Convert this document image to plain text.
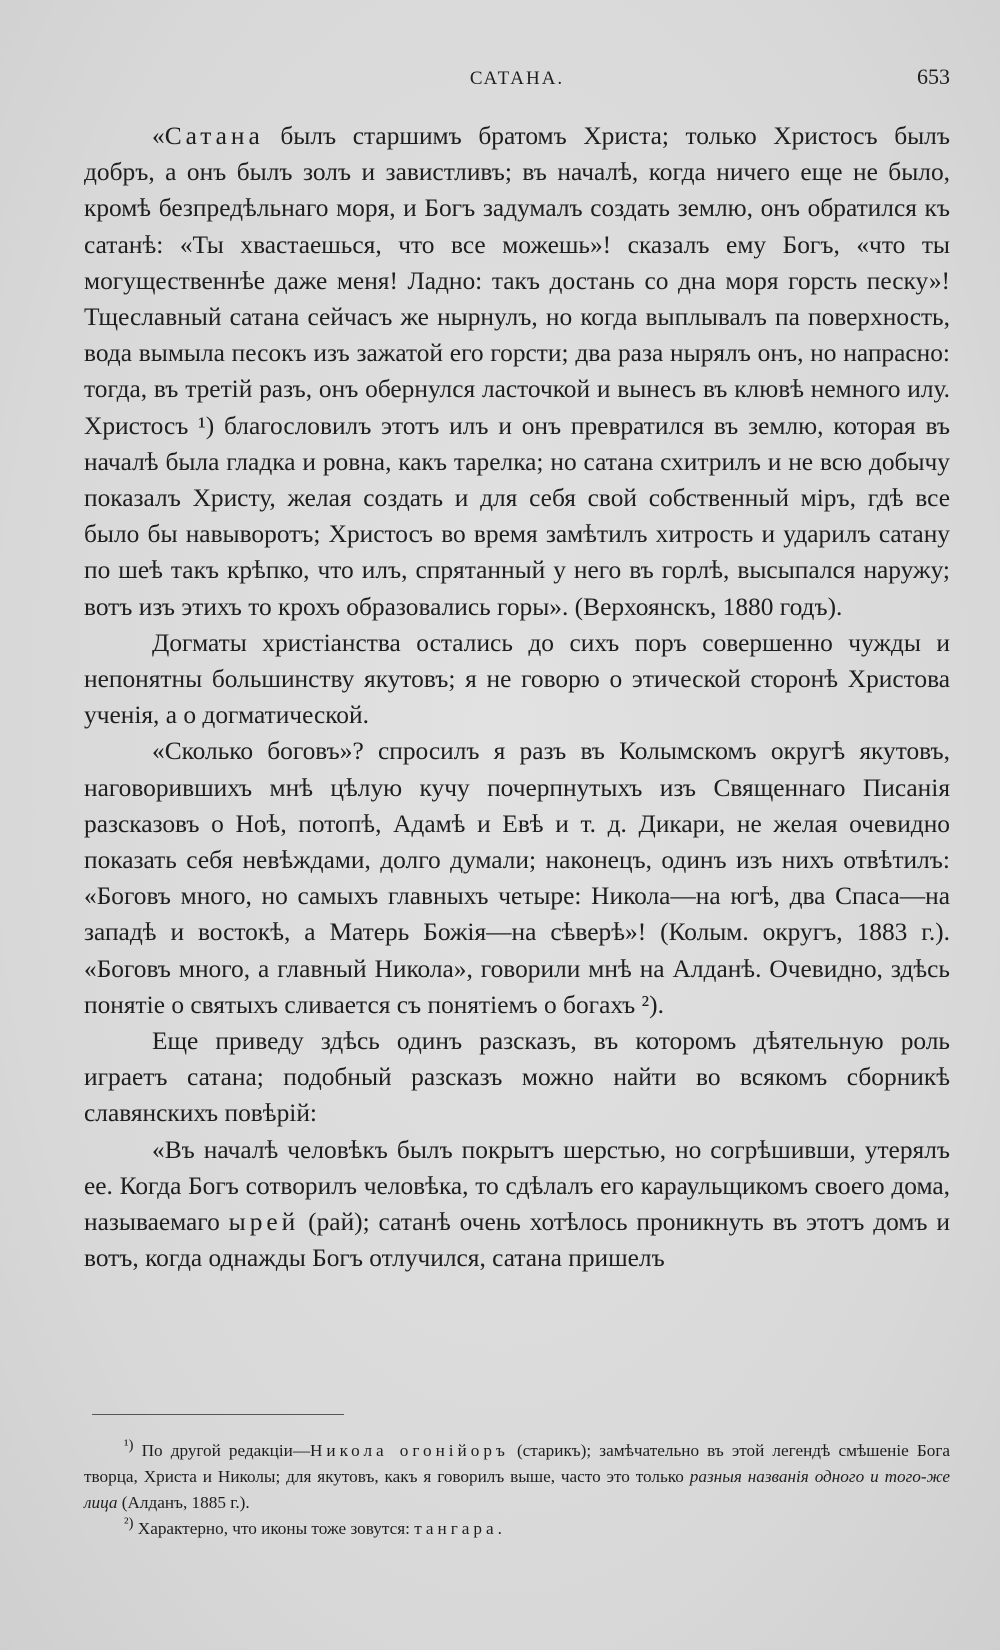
САТАНА.	653

«Сатана былъ старшимъ братомъ Христа; только Христосъ былъ добръ, а онъ былъ золъ и завистливъ; въ началѣ, когда ничего еще не было, кромѣ безпредѣльнаго моря, и Богъ задумалъ создать землю, онъ обратился къ сатанѣ: «Ты хвастаешься, что все можешь»! сказалъ ему Богъ, «что ты могущественнѣе даже меня! Ладно: такъ достань со дна моря горсть песку»! Тщеславный сатана сейчасъ же нырнулъ, но когда выплывалъ па поверхность, вода вымыла песокъ изъ зажатой его горсти; два раза нырялъ онъ, но напрасно: тогда, въ третій разъ, онъ обернулся ласточкой и вынесъ въ клювѣ немного илу. Христосъ ¹) благословилъ этотъ илъ и онъ превратился въ землю, которая въ началѣ была гладка и ровна, какъ тарелка; но сатана схитрилъ и не всю добычу показалъ Христу, желая создать и для себя свой собственный міръ, гдѣ все было бы навыворотъ; Христосъ во время замѣтилъ хитрость и ударилъ сатану по шеѣ такъ крѣпко, что илъ, спрятанный у него въ горлѣ, высыпался наружу; вотъ изъ этихъ то крохъ образовались горы». (Верхоянскъ, 1880 годъ).

Догматы христіанства остались до сихъ поръ совершенно чужды и непонятны большинству якутовъ; я не говорю о этической сторонѣ Христова ученія, а о догматической.

«Сколько боговъ»? спросилъ я разъ въ Колымскомъ округѣ якутовъ, наговорившихъ мнѣ цѣлую кучу почерпнутыхъ изъ Священнаго Писанія разсказовъ о Ноѣ, потопѣ, Адамѣ и Евѣ и т. д. Дикари, не желая очевидно показать себя невѣждами, долго думали; наконецъ, одинъ изъ нихъ отвѣтилъ: «Боговъ много, но самыхъ главныхъ четыре: Никола—на югѣ, два Спаса—на западѣ и востокѣ, а Матерь Божія—на сѣверѣ»! (Колым. округъ, 1883 г.). «Боговъ много, а главный Никола», говорили мнѣ на Алданѣ. Очевидно, здѣсь понятіе о святыхъ сливается съ понятіемъ о богахъ ²).

Еще приведу здѣсь одинъ разсказъ, въ которомъ дѣятельную роль играетъ сатана; подобный разсказъ можно найти во всякомъ сборникѣ славянскихъ повѣрій:

«Въ началѣ человѣкъ былъ покрытъ шерстью, но согрѣшивши, утерялъ ее. Когда Богъ сотворилъ человѣка, то сдѣлалъ его караульщикомъ своего дома, называемаго ырей (рай); сатанѣ очень хотѣлось проникнуть въ этотъ домъ и вотъ, когда однажды Богъ отлучился, сатана пришелъ

¹) По другой редакціи—Никола огонійоръ (старикъ); замѣчательно въ этой легендѣ смѣшеніе Бога творца, Христа и Николы; для якутовъ, какъ я говорилъ выше, часто это только разныя названія одного и того-же лица (Алданъ, 1885 г.).

²) Характерно, что иконы тоже зовутся: тангара.
